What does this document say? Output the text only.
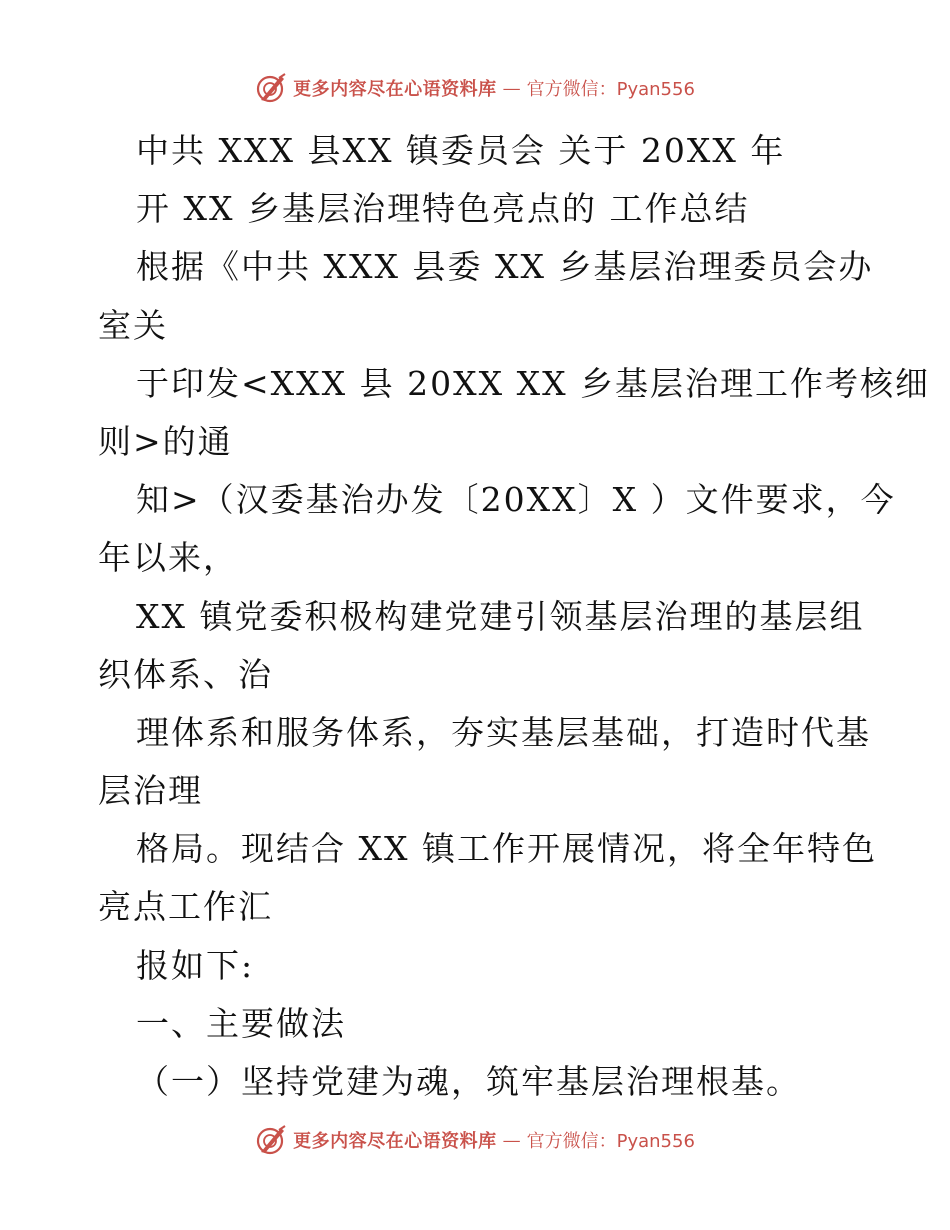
更多内容尽在心语资料库 — 官方微信：Pyan556
中共 XXX 县XX 镇委员会 关于 20XX 年
开 XX 乡基层治理特色亮点的 工作总结
根据《中共 XXX 县委 XX 乡基层治理委员会办
室关
于印发<XXX 县 20XX XX 乡基层治理工作考核细
则>的通
知>（汉委基治办发〔20XX〕X ）文件要求，今
年以来，
XX 镇党委积极构建党建引领基层治理的基层组
织体系、治
理体系和服务体系，夯实基层基础，打造时代基
层治理
格局。现结合 XX 镇工作开展情况，将全年特色
亮点工作汇
报如下:
一、主要做法
（一）坚持党建为魂，筑牢基层治理根基。
更多内容尽在心语资料库 — 官方微信：Pyan556
